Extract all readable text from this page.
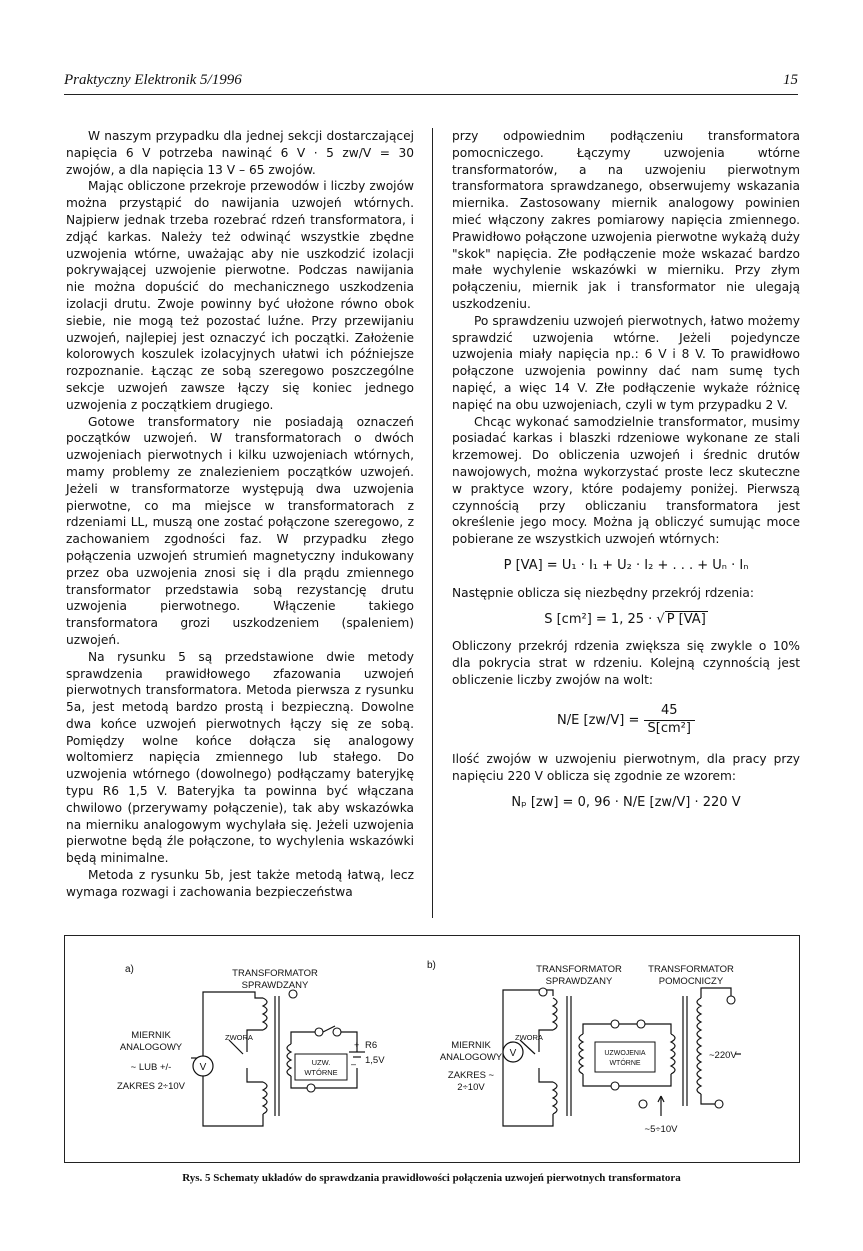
Praktyczny Elektronik 5/1996	15

W naszym przypadku dla jednej sekcji dostarczającej napięcia 6 V potrzeba nawinąć 6 V · 5 zw/V = 30 zwojów, a dla napięcia 13 V – 65 zwojów.

Mając obliczone przekroje przewodów i liczby zwojów można przystąpić do nawijania uzwojeń wtórnych. Najpierw jednak trzeba rozebrać rdzeń transformatora, i zdjąć karkas. Należy też odwinąć wszystkie zbędne uzwojenia wtórne, uważając aby nie uszkodzić izolacji pokrywającej uzwojenie pierwotne. Podczas nawijania nie można dopuścić do mechanicznego uszkodzenia izolacji drutu. Zwoje powinny być ułożone równo obok siebie, nie mogą też pozostać luźne. Przy przewijaniu uzwojeń, najlepiej jest oznaczyć ich początki. Założenie kolorowych koszulek izolacyjnych ułatwi ich późniejsze rozpoznanie. Łącząc ze sobą szeregowo poszczególne sekcje uzwojeń zawsze łączy się koniec jednego uzwojenia z początkiem drugiego.

Gotowe transformatory nie posiadają oznaczeń początków uzwojeń. W transformatorach o dwóch uzwojeniach pierwotnych i kilku uzwojeniach wtórnych, mamy problemy ze znalezieniem początków uzwojeń. Jeżeli w transformatorze występują dwa uzwojenia pierwotne, co ma miejsce w transformatorach z rdzeniami LL, muszą one zostać połączone szeregowo, z zachowaniem zgodności faz. W przypadku złego połączenia uzwojeń strumień magnetyczny indukowany przez oba uzwojenia znosi się i dla prądu zmiennego transformator przedstawia sobą rezystancję drutu uzwojenia pierwotnego. Włączenie takiego transformatora grozi uszkodzeniem (spaleniem) uzwojeń.

Na rysunku 5 są przedstawione dwie metody sprawdzenia prawidłowego zfazowania uzwojeń pierwotnych transformatora. Metoda pierwsza z rysunku 5a, jest metodą bardzo prostą i bezpieczną. Dowolne dwa końce uzwojeń pierwotnych łączy się ze sobą. Pomiędzy wolne końce dołącza się analogowy woltomierz napięcia zmiennego lub stałego. Do uzwojenia wtórnego (dowolnego) podłączamy bateryjkę typu R6 1,5 V. Bateryjka ta powinna być włączana chwilowo (przerywamy połączenie), tak aby wskazówka na mierniku analogowym wychylała się. Jeżeli uzwojenia pierwotne będą źle połączone, to wychylenia wskazówki będą minimalne.

Metoda z rysunku 5b, jest także metodą łatwą, lecz wymaga rozwagi i zachowania bezpieczeństwa

przy odpowiednim podłączeniu transformatora pomocniczego. Łączymy uzwojenia wtórne transformatorów, a na uzwojeniu pierwotnym transformatora sprawdzanego, obserwujemy wskazania miernika. Zastosowany miernik analogowy powinien mieć włączony zakres pomiarowy napięcia zmiennego. Prawidłowo połączone uzwojenia pierwotne wykażą duży "skok" napięcia. Złe podłączenie może wskazać bardzo małe wychylenie wskazówki w mierniku. Przy złym połączeniu, miernik jak i transformator nie ulegają uszkodzeniu.

Po sprawdzeniu uzwojeń pierwotnych, łatwo możemy sprawdzić uzwojenia wtórne. Jeżeli pojedyncze uzwojenia miały napięcia np.: 6 V i 8 V. To prawidłowo połączone uzwojenia powinny dać nam sumę tych napięć, a więc 14 V. Złe podłączenie wykaże różnicę napięć na obu uzwojeniach, czyli w tym przypadku 2 V.

Chcąc wykonać samodzielnie transformator, musimy posiadać karkas i blaszki rdzeniowe wykonane ze stali krzemowej. Do obliczenia uzwojeń i średnic drutów nawojowych, można wykorzystać proste lecz skuteczne w praktyce wzory, które podajemy poniżej. Pierwszą czynnością przy obliczaniu transformatora jest określenie jego mocy. Można ją obliczyć sumując moce pobierane ze wszystkich uzwojeń wtórnych:

P [VA] = U₁ · I₁ + U₂ · I₂ + . . . + Uₙ · Iₙ

Następnie oblicza się niezbędny przekrój rdzenia:

S [cm²] = 1, 25 · √ P [VA]

Obliczony przekrój rdzenia zwiększa się zwykle o 10% dla pokrycia strat w rdzeniu. Kolejną czynnością jest obliczenie liczby zwojów na wolt:

N/E $[zw/V] = \frac{45}{\text{S[cm²]}}$

Ilość zwojów w uzwojeniu pierwotnym, dla pracy przy napięciu 220 V oblicza się zgodnie ze wzorem:

Nₚ [zw] = 0, 96 · N/E [zw/V] · 220 V
a)	TRANSFORMATOR
SPRAWDZANY
MIERNIK
ANALOGOWY
~ LUB +/-
ZAKRES 2÷10V
V
ZWORA
UZW.
WTÓRNE
R6
1,5V
+
–
b)	TRANSFORMATOR
SPRAWDZANY
TRANSFORMATOR
POMOCNICZY
MIERNIK
ANALOGOWY
ZAKRES ~
2÷10V
V
ZWORA
UZWOJENIA
WTÓRNE
~220V
~5÷10V
Rys. 5 Schematy układów do sprawdzania prawidłowości połączenia uzwojeń pierwotnych transformatora
